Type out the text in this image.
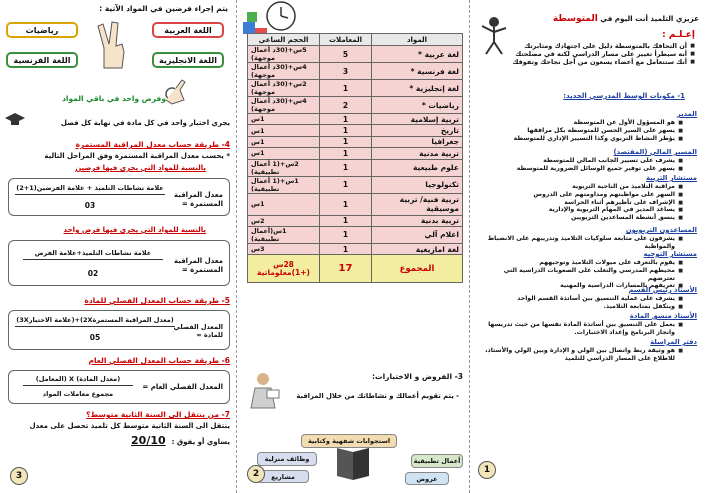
يتم إجراء فرضين في المواد الآتية :
اللغة العربية
رياضيات
اللغة الانجليزية
اللغة الفرنسية
وفرض واحد في باقي المواد
يجري اختبار واحد في كل مادة في نهاية كل فصل
4- طريقة حساب معدل المراقبة المستمرة
* يحسب معدل المراقبة المستمرة وفق المراحل التالية
بالنسبة للمواد التي يجرى فيها فرضين
معدل المراقبة المستمرة =
علامة نشاطات التلميذ + علامة الفرضين(1+2)
03
بالنسبة للمواد التي يجرى فيها فرض واحد
معدل المراقبة المستمرة =
علامة نشاطات التلميذ+علامة الفرض
02
5- طريقة حساب المعدل الفصلي للمادة
المعدل الفصلي للمادة =
(معدل المراقبة المستمرة2X)+(علامة الاختبار3X)
05
6- طريقة حساب المعدل الفصلي العام
المعدل الفصلي العام =
(معدل المادة) X (المعامل)
مجموع معاملات المواد
7- من ينتقل الى السنة الثانية متوسط؟
ينتقل الى السنة الثانية متوسط كل تلميذ تحصل على معدل
يساوي أو يفوق :
20/10
3
المواد	المعاملات	الحجم الساعي
لغة عربية *	5	5س+(30د أعمال موجهة)
لغة فرنسية *	3	4س+(30د أعمال موجهة)
لغة إنجليزية *	1	2س+(30د أعمال موجهة)
رياضيات *	2	4س+(30د أعمال موجهة)
تربية إسلامية	1	1س
تاريخ	1	1س
جغرافيا	1	1س
تربية مدنية	1	1س
علوم طبيعية	1	2س+(1 أعمال تطبيقية)
تكنولوجيا	1	1س+(1 أعمال تطبيقية)
تربية فنية/ تربية موسيقية	1	1س
تربية بدنية	1	2س
اعلام آلي	1	1س(أعمال تطبيقية)
لغة امازيغية	1	3س
المجموع	17	28س (+1)معلوماتية
3- الفروض و الاختبارات:
- يتم تقويم أعمالك و نشاطاتك من خلال المراقبة
استجوابات شفهية وكتابية
أعمال تطبيقية
وظائف منزلية
عروض
مشاريع
2
عزيزي التلميذ أنت اليوم في المتوسطة
إعـلـم :
■ أن التحاقك بالمتوسطة دليل على اجتهادك ومثابرتك
■ أنه سيطرأ تغيير على مسار الدراسي لكنه في مصلحتك
■ أنك ستتعامل مع أعضاء يسعون من أجل نجاحك وتفوقك
1- مكونات الوسط المدرسي الجديد:
المدير
■ هو المسؤول الأول عن المتوسطة
■ يسهر على السير الحسن للمتوسطة بكل مرافقها
■ يؤطر النشاط التربوي وكذا التسيير الإداري للمتوسطة
المسير المالي (المقتصد)
■ يشرف على تسيير الجانب المالي للمتوسطة
■ يسهر على توفير جميع الوسائل الضرورية للمتوسطة
مستشار التربية
■ مراقبة التلاميذ من الناحية التربوية
■ السهر على مواظبتهم ومداومتهم على الدروس
■ الإشراف على تأطيرهم أثناء الحراسة
■ يساعد المدير في المهام التربوية والإدارية
■ ينسق أنشطة المساعدين التربويين
المساعدون التربويون
■ يشرفون على متابعة سلوكيات التلاميذ وتدريبهم على الانضباط والمواظبة
مستشار التوجيه
■ يقوم بالتعرف على ميولات التلاميذ وتوجيههم
■ محيطهم المدرسي والتغلب على الصعوبات الدراسية التي تعترضهم
■ تعريفهم بالمسارات الدراسية والمهنية
الأستاذ رئيس القسم
■ يشرف على عملية التنسيق بين أساتذة القسم الواحد
■ ويتكفل بمتابعة التلاميذ.
الأستاذ منسق المادة
■ يعمل على التنسيق بين أساتذة المادة نفسها من حيث تدريسها وانجاز البرنامج وإعداد الاختبارات.
دفتر المراسلة
■ هو وثيقة ربط واتصال بين الولي و الإدارة وبين الولي والأستاذ، للاطلاع على المسار الدراسي للتلميذ
1
